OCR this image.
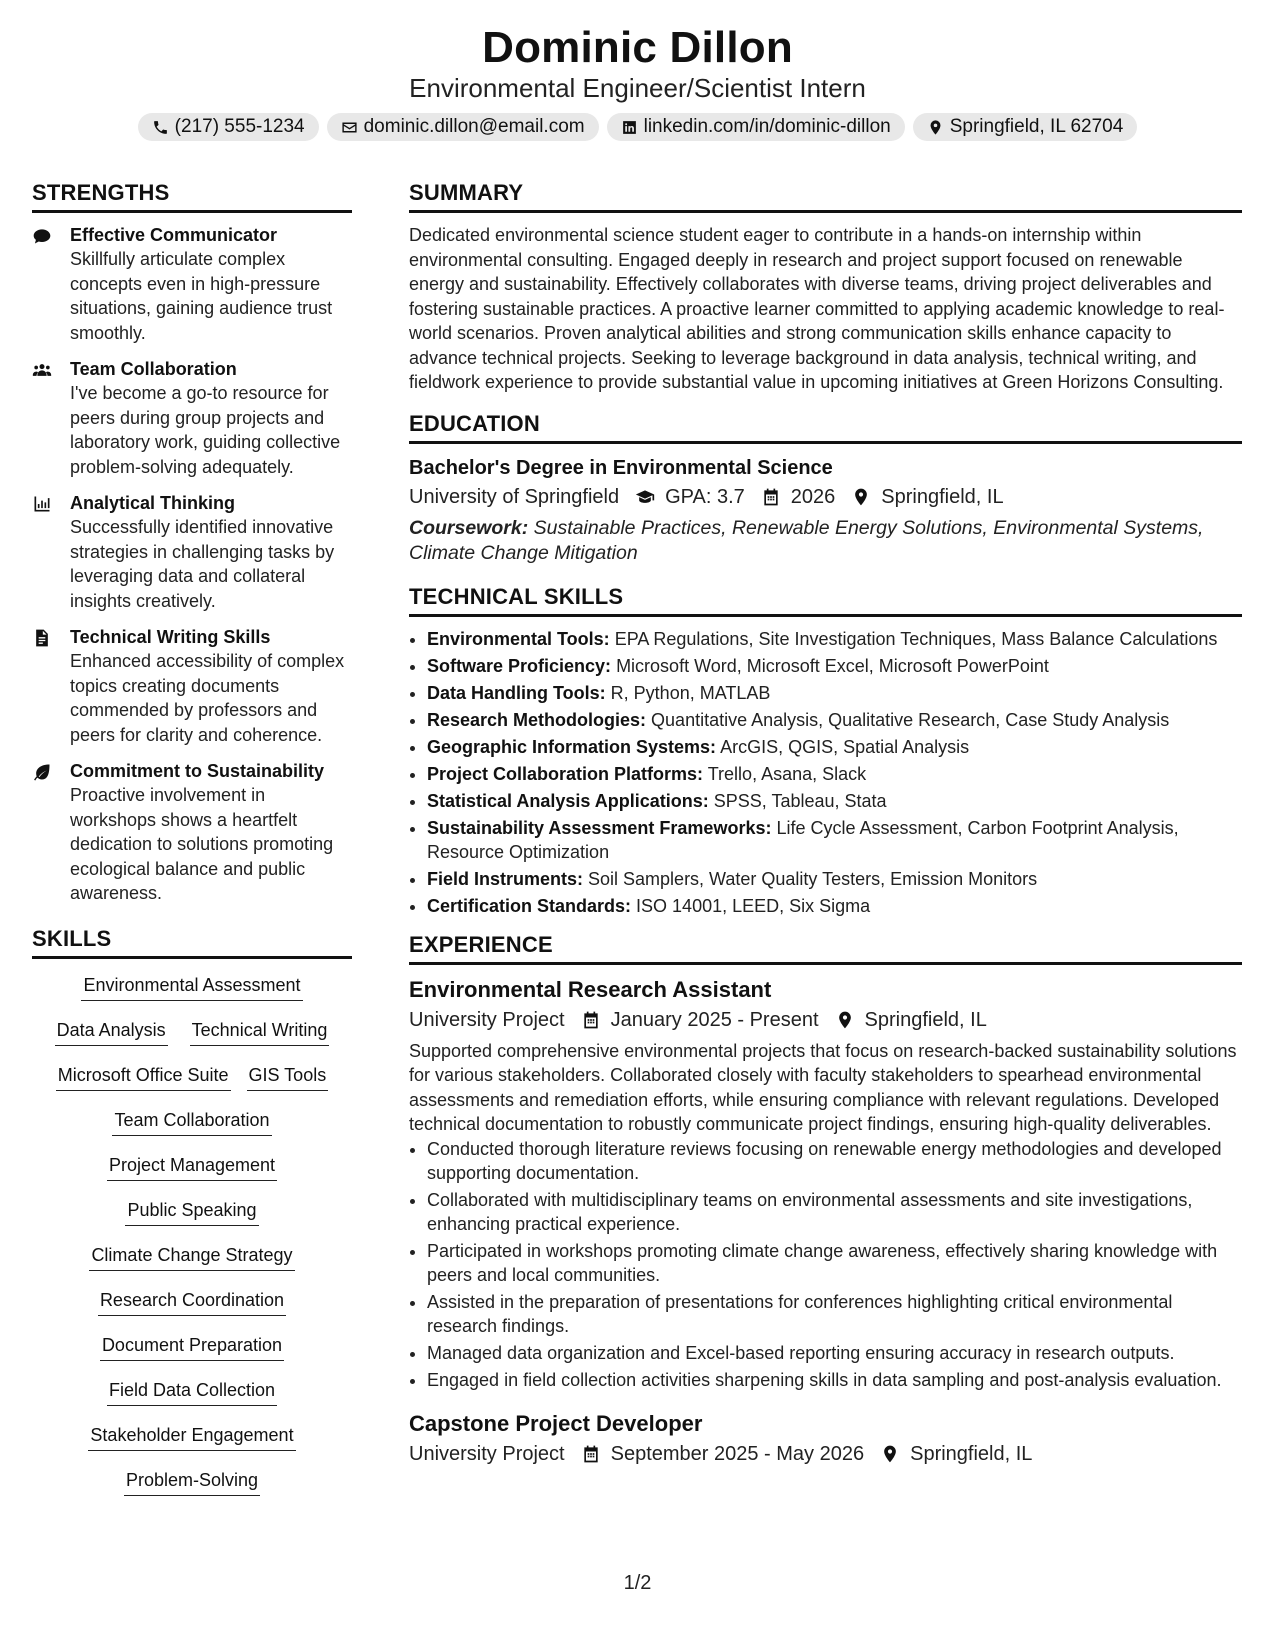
Dominic Dillon
Environmental Engineer/Scientist Intern
(217) 555-1234	dominic.dillon@email.com	linkedin.com/in/dominic-dillon	Springfield, IL 62704
STRENGTHS
Effective Communicator
Skillfully articulate complex concepts even in high-pressure situations, gaining audience trust smoothly.
Team Collaboration
I've become a go-to resource for peers during group projects and laboratory work, guiding collective problem-solving adequately.
Analytical Thinking
Successfully identified innovative strategies in challenging tasks by leveraging data and collateral insights creatively.
Technical Writing Skills
Enhanced accessibility of complex topics creating documents commended by professors and peers for clarity and coherence.
Commitment to Sustainability
Proactive involvement in workshops shows a heartfelt dedication to solutions promoting ecological balance and public awareness.
SKILLS
Environmental Assessment
Data Analysis Technical Writing
Microsoft Office Suite GIS Tools
Team Collaboration
Project Management
Public Speaking
Climate Change Strategy
Research Coordination
Document Preparation
Field Data Collection
Stakeholder Engagement
Problem-Solving
SUMMARY
Dedicated environmental science student eager to contribute in a hands-on internship within environmental consulting. Engaged deeply in research and project support focused on renewable energy and sustainability. Effectively collaborates with diverse teams, driving project deliverables and fostering sustainable practices. A proactive learner committed to applying academic knowledge to real-world scenarios. Proven analytical abilities and strong communication skills enhance capacity to advance technical projects. Seeking to leverage background in data analysis, technical writing, and fieldwork experience to provide substantial value in upcoming initiatives at Green Horizons Consulting.
EDUCATION
Bachelor's Degree in Environmental Science
University of Springfield GPA: 3.7 2026 Springfield, IL
Coursework: Sustainable Practices, Renewable Energy Solutions, Environmental Systems, Climate Change Mitigation
TECHNICAL SKILLS
• Environmental Tools: EPA Regulations, Site Investigation Techniques, Mass Balance Calculations
• Software Proficiency: Microsoft Word, Microsoft Excel, Microsoft PowerPoint
• Data Handling Tools: R, Python, MATLAB
• Research Methodologies: Quantitative Analysis, Qualitative Research, Case Study Analysis
• Geographic Information Systems: ArcGIS, QGIS, Spatial Analysis
• Project Collaboration Platforms: Trello, Asana, Slack
• Statistical Analysis Applications: SPSS, Tableau, Stata
• Sustainability Assessment Frameworks: Life Cycle Assessment, Carbon Footprint Analysis, Resource Optimization
• Field Instruments: Soil Samplers, Water Quality Testers, Emission Monitors
• Certification Standards: ISO 14001, LEED, Six Sigma
EXPERIENCE
Environmental Research Assistant
University Project January 2025 - Present Springfield, IL
Supported comprehensive environmental projects that focus on research-backed sustainability solutions for various stakeholders. Collaborated closely with faculty stakeholders to spearhead environmental assessments and remediation efforts, while ensuring compliance with relevant regulations. Developed technical documentation to robustly communicate project findings, ensuring high-quality deliverables.
• Conducted thorough literature reviews focusing on renewable energy methodologies and developed supporting documentation.
• Collaborated with multidisciplinary teams on environmental assessments and site investigations, enhancing practical experience.
• Participated in workshops promoting climate change awareness, effectively sharing knowledge with peers and local communities.
• Assisted in the preparation of presentations for conferences highlighting critical environmental research findings.
• Managed data organization and Excel-based reporting ensuring accuracy in research outputs.
• Engaged in field collection activities sharpening skills in data sampling and post-analysis evaluation.
Capstone Project Developer
University Project September 2025 - May 2026 Springfield, IL
1/2
